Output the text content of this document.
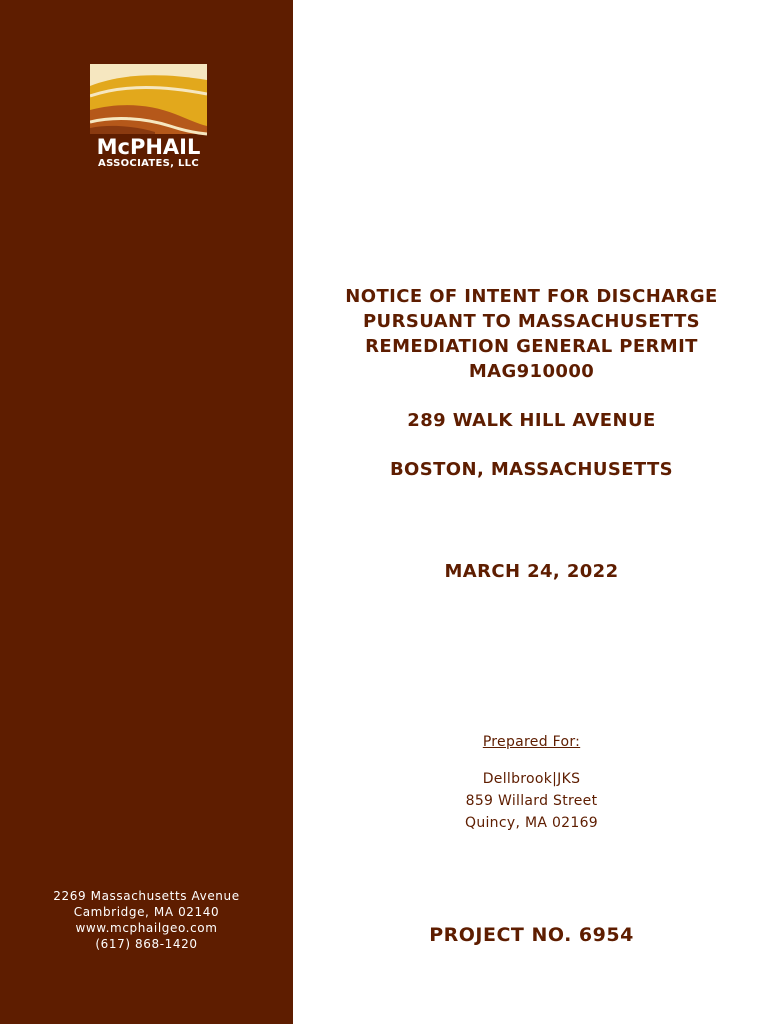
McPHAIL
ASSOCIATES, LLC
2269 Massachusetts Avenue
Cambridge, MA 02140
www.mcphailgeo.com
(617) 868-1420
NOTICE OF INTENT FOR DISCHARGE
PURSUANT TO MASSACHUSETTS
REMEDIATION GENERAL PERMIT
MAG910000
289 WALK HILL AVENUE
BOSTON, MASSACHUSETTS
MARCH 24, 2022
Prepared For:
Dellbrook|JKS
859 Willard Street
Quincy, MA 02169
PROJECT NO. 6954
